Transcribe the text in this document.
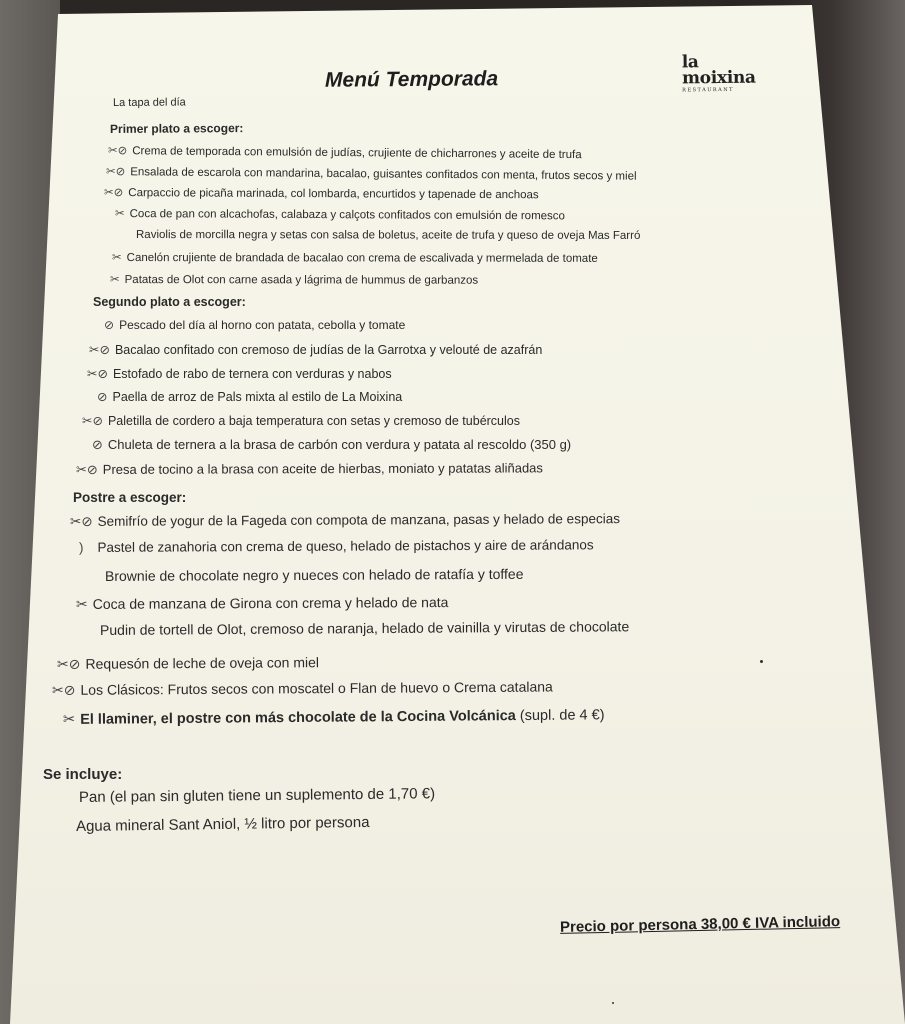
Menú Temporada
la
moixina
RESTAURANT
La tapa del día
Primer plato a escoger:
✂⊘ Crema de temporada con emulsión de judías, crujiente de chicharrones y aceite de trufa
✂⊘ Ensalada de escarola con mandarina, bacalao, guisantes confitados con menta, frutos secos y miel
✂⊘ Carpaccio de picaña marinada, col lombarda, encurtidos y tapenade de anchoas
✂ Coca de pan con alcachofas, calabaza y calçots confitados con emulsión de romesco
Raviolis de morcilla negra y setas con salsa de boletus, aceite de trufa y queso de oveja Mas Farró
✂ Canelón crujiente de brandada de bacalao con crema de escalivada y mermelada de tomate
✂ Patatas de Olot con carne asada y lágrima de hummus de garbanzos
Segundo plato a escoger:
⊘ Pescado del día al horno con patata, cebolla y tomate
✂⊘ Bacalao confitado con cremoso de judías de la Garrotxa y velouté de azafrán
✂⊘ Estofado de rabo de ternera con verduras y nabos
⊘ Paella de arroz de Pals mixta al estilo de La Moixina
✂⊘ Paletilla de cordero a baja temperatura con setas y cremoso de tubérculos
⊘ Chuleta de ternera a la brasa de carbón con verdura y patata al rescoldo (350 g)
✂⊘ Presa de tocino a la brasa con aceite de hierbas, moniato y patatas aliñadas
Postre a escoger:
✂⊘ Semifrío de yogur de la Fageda con compota de manzana, pasas y helado de especias
) Pastel de zanahoria con crema de queso, helado de pistachos y aire de arándanos
Brownie de chocolate negro y nueces con helado de ratafía y toffee
✂ Coca de manzana de Girona con crema y helado de nata
Pudin de tortell de Olot, cremoso de naranja, helado de vainilla y virutas de chocolate
✂⊘ Requesón de leche de oveja con miel
✂⊘ Los Clásicos: Frutos secos con moscatel o Flan de huevo o Crema catalana
✂ El llaminer, el postre con más chocolate de la Cocina Volcánica (supl. de 4 €)
Se incluye:
Pan (el pan sin gluten tiene un suplemento de 1,70 €)
Agua mineral Sant Aniol, ½ litro por persona
Precio por persona 38,00 € IVA incluido
